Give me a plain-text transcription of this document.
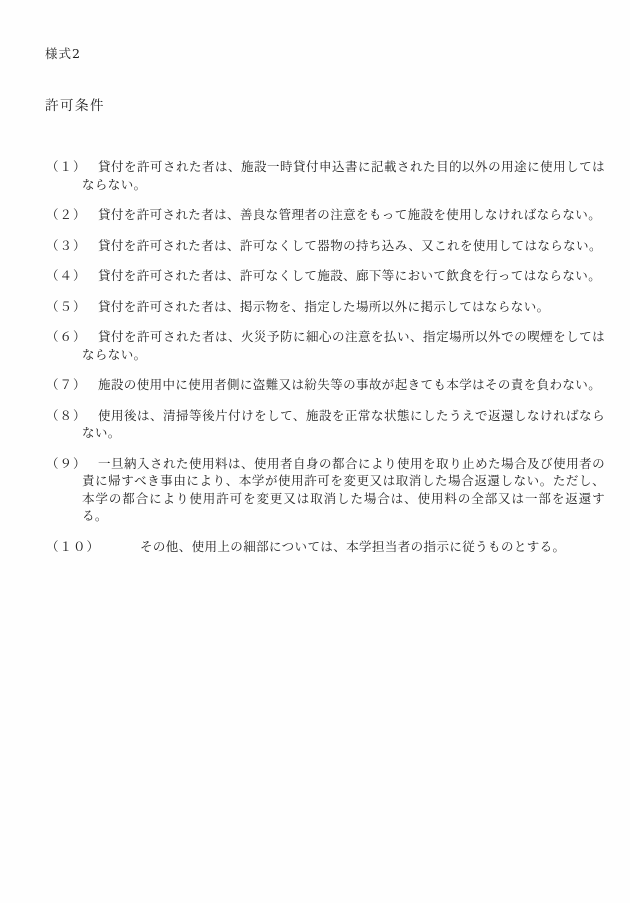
様式2
許可条件
（１） 貸付を許可された者は、施設一時貸付申込書に記載された目的以外の用途に使用してはならない。
（２） 貸付を許可された者は、善良な管理者の注意をもって施設を使用しなければならない。
（３） 貸付を許可された者は、許可なくして器物の持ち込み、又これを使用してはならない。
（４） 貸付を許可された者は、許可なくして施設、廊下等において飲食を行ってはならない。
（５） 貸付を許可された者は、掲示物を、指定した場所以外に掲示してはならない。
（６） 貸付を許可された者は、火災予防に細心の注意を払い、指定場所以外での喫煙をしてはならない。
（７） 施設の使用中に使用者側に盗難又は紛失等の事故が起きても本学はその責を負わない。
（８） 使用後は、清掃等後片付けをして、施設を正常な状態にしたうえで返還しなければならない。
（９） 一旦納入された使用料は、使用者自身の都合により使用を取り止めた場合及び使用者の責に帰すべき事由により、本学が使用許可を変更又は取消した場合返還しない。ただし、本学の都合により使用許可を変更又は取消した場合は、使用料の全部又は一部を返還する。
（１０）	その他、使用上の細部については、本学担当者の指示に従うものとする。
